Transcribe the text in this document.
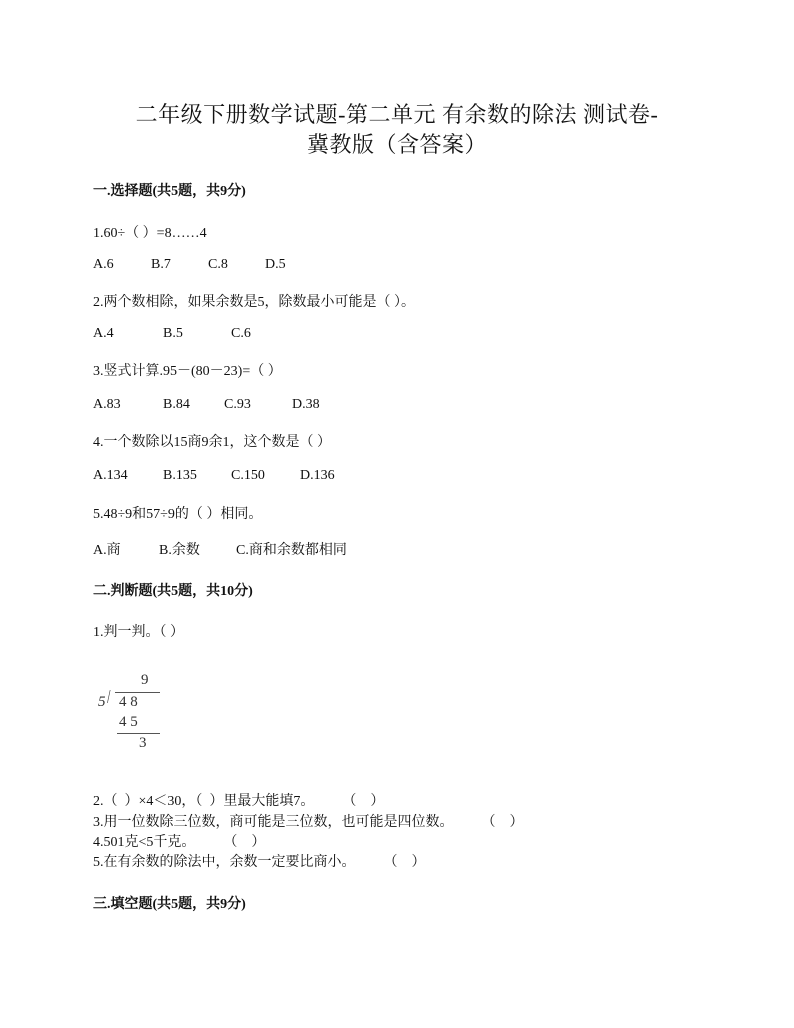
二年级下册数学试题-第二单元 有余数的除法 测试卷-
冀教版（含答案）
一.选择题(共5题，共9分)
1.60÷（ ）=8……4
A.6	B.7	C.8	D.5
2.两个数相除，如果余数是5，除数最小可能是（ ）。
A.4	B.5	C.6
3.竖式计算.95－(80－23)=（ ）
A.83	B.84 C.93	D.38
4.一个数除以15商9余1，这个数是（ ）
A.134	B.135 C.150	D.136
5.48÷9和57÷9的（ ）相同。
A.商	B.余数	C.商和余数都相同
二.判断题(共5题，共10分)
1.判一判。（ ）
9
5 / 4 8
4 5
3
2.（  ）×4＜30，（  ）里最大能填7。        （    ）
3.用一位数除三位数，商可能是三位数，也可能是四位数。        （    ）
4.501克<5千克。        （    ）
5.在有余数的除法中，余数一定要比商小。        （    ）
三.填空题(共5题，共9分)
